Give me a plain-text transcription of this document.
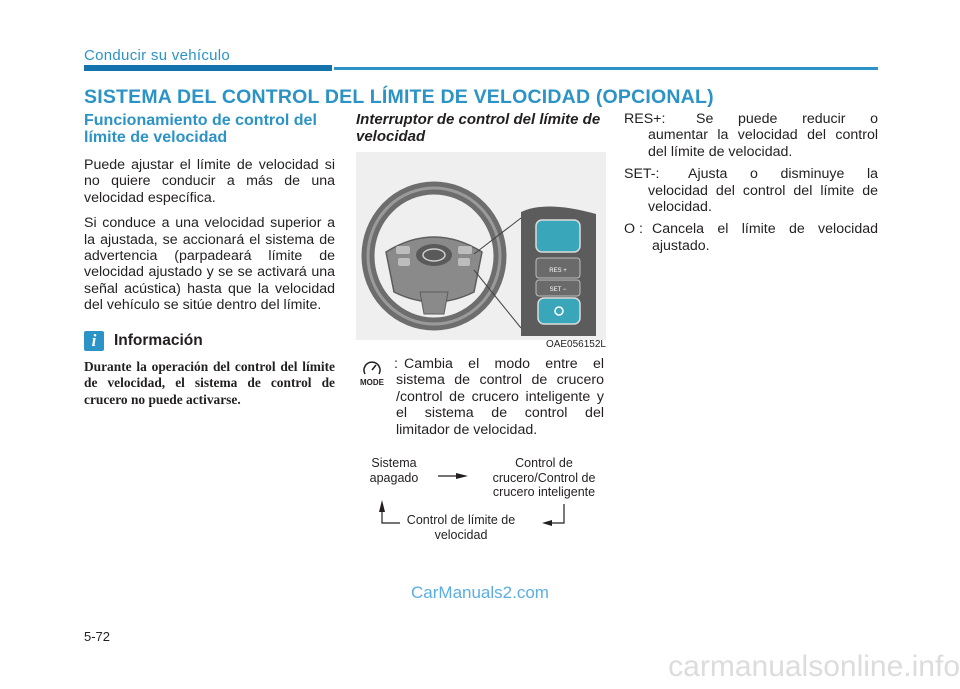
Conducir su vehículo
SISTEMA DEL CONTROL DEL LÍMITE DE VELOCIDAD (OPCIONAL)
Funcionamiento de control del límite de velocidad
Puede ajustar el límite de velocidad si no quiere conducir a más de una velocidad específica.
Si conduce a una velocidad superior a la ajustada, se accionará el sistema de advertencia (parpadeará límite de velocidad ajustado y se se activará una señal acústica) hasta que la velocidad del vehículo se sitúe dentro del límite.
i	Información
Durante la operación del control del límite de velocidad, el sistema de control de crucero no puede activarse.
Interruptor de control del límite de velocidad
RES +
SET −
OAE056152L
MODE
: Cambia el modo entre el sistema de control de crucero /control de crucero inteligente y el sistema de control del limitador de velocidad.
Sistema apagado
Control de crucero/Control de crucero inteligente
Control de límite de velocidad
RES+:	Se puede reducir o aumentar la velocidad del control del límite de velocidad.
SET-:	Ajusta o disminuye la velocidad del control del límite de velocidad.
O : Cancela el límite de velocidad ajustado.
5-72
CarManuals2.com
carmanualsonline.info
